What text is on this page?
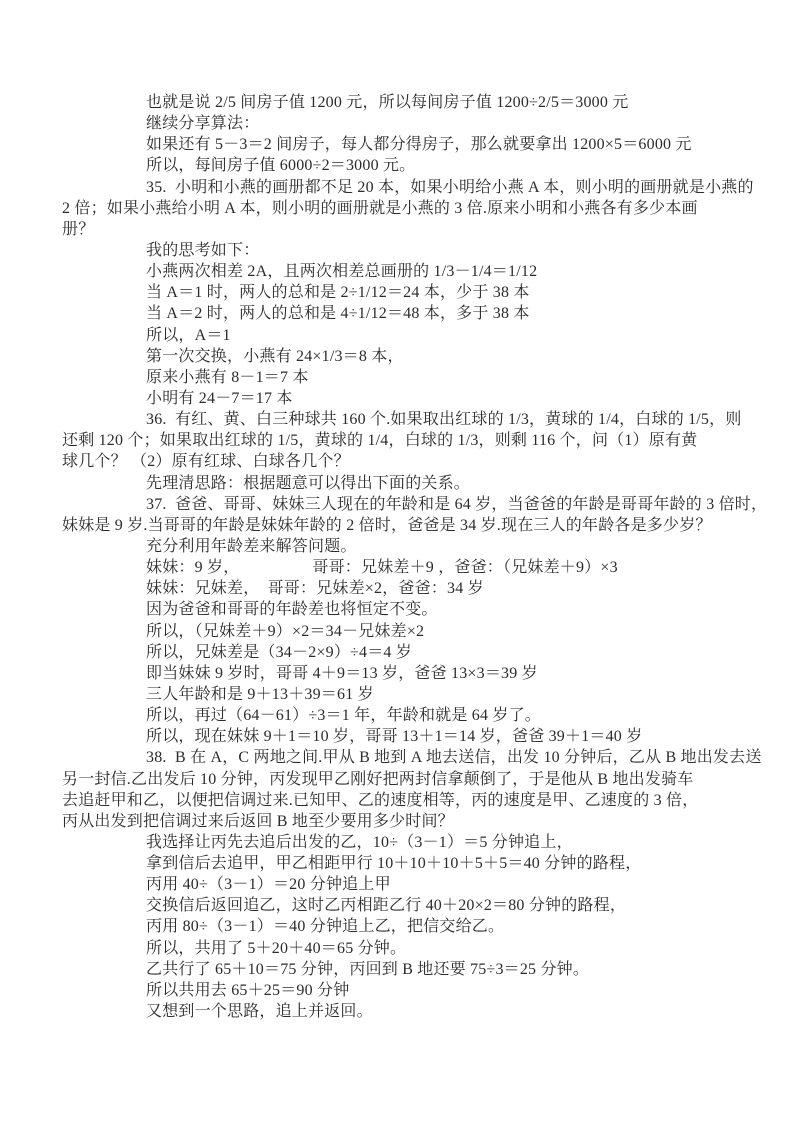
也就是说 2/5 间房子值 1200 元，所以每间房子值 1200÷2/5＝3000 元
继续分享算法：
如果还有 5－3＝2 间房子，每人都分得房子，那么就要拿出 1200×5＝6000 元
所以，每间房子值 6000÷2＝3000 元。
35.  小明和小燕的画册都不足 20 本，如果小明给小燕 A 本，则小明的画册就是小燕的
2 倍；如果小燕给小明 A 本，则小明的画册就是小燕的 3 倍.原来小明和小燕各有多少本画
册？
我的思考如下：
小燕两次相差 2A，且两次相差总画册的 1/3－1/4＝1/12
当 A＝1 时，两人的总和是 2÷1/12＝24 本，少于 38 本
当 A＝2 时，两人的总和是 4÷1/12＝48 本，多于 38 本
所以，A＝1
第一次交换，小燕有 24×1/3＝8 本，
原来小燕有 8－1＝7 本
小明有 24－7＝17 本
36.  有红、黄、白三种球共 160 个.如果取出红球的 1/3，黄球的 1/4，白球的 1/5，则
还剩 120 个；如果取出红球的 1/5，黄球的 1/4，白球的 1/3，则剩 116 个，问（1）原有黄
球几个？ （2）原有红球、白球各几个？
先理清思路：根据题意可以得出下面的关系。
37.  爸爸、哥哥、妹妹三人现在的年龄和是 64 岁，当爸爸的年龄是哥哥年龄的 3 倍时，
妹妹是 9 岁.当哥哥的年龄是妹妹年龄的 2 倍时，爸爸是 34 岁.现在三人的年龄各是多少岁？
充分利用年龄差来解答问题。
妹妹：9 岁，　　　　　哥哥：兄妹差＋9 ，爸爸：（兄妹差＋9）×3
妹妹：兄妹差，　哥哥：兄妹差×2，爸爸：34 岁
因为爸爸和哥哥的年龄差也将恒定不变。
所以，（兄妹差＋9）×2＝34－兄妹差×2
所以，兄妹差是（34－2×9）÷4＝4 岁
即当妹妹 9 岁时，哥哥 4＋9＝13 岁，爸爸 13×3＝39 岁
三人年龄和是 9＋13＋39＝61 岁
所以，再过（64－61）÷3＝1 年，年龄和就是 64 岁了。
所以，现在妹妹 9＋1＝10 岁，哥哥 13＋1＝14 岁，爸爸 39＋1＝40 岁
38.  B 在 A，C 两地之间.甲从 B 地到 A 地去送信，出发 10 分钟后，乙从 B 地出发去送
另一封信.乙出发后 10 分钟，丙发现甲乙刚好把两封信拿颠倒了，于是他从 B 地出发骑车
去追赶甲和乙，以便把信调过来.已知甲、乙的速度相等，丙的速度是甲、乙速度的 3 倍，
丙从出发到把信调过来后返回 B 地至少要用多少时间？
我选择让丙先去追后出发的乙，10÷（3－1）＝5 分钟追上，
拿到信后去追甲，甲乙相距甲行 10＋10＋10＋5＋5＝40 分钟的路程，
丙用 40÷（3－1）＝20 分钟追上甲
交换信后返回追乙，这时乙丙相距乙行 40＋20×2＝80 分钟的路程，
丙用 80÷（3－1）＝40 分钟追上乙，把信交给乙。
所以，共用了 5＋20＋40＝65 分钟。
乙共行了 65＋10＝75 分钟，丙回到 B 地还要 75÷3＝25 分钟。
所以共用去 65＋25＝90 分钟
又想到一个思路，追上并返回。
